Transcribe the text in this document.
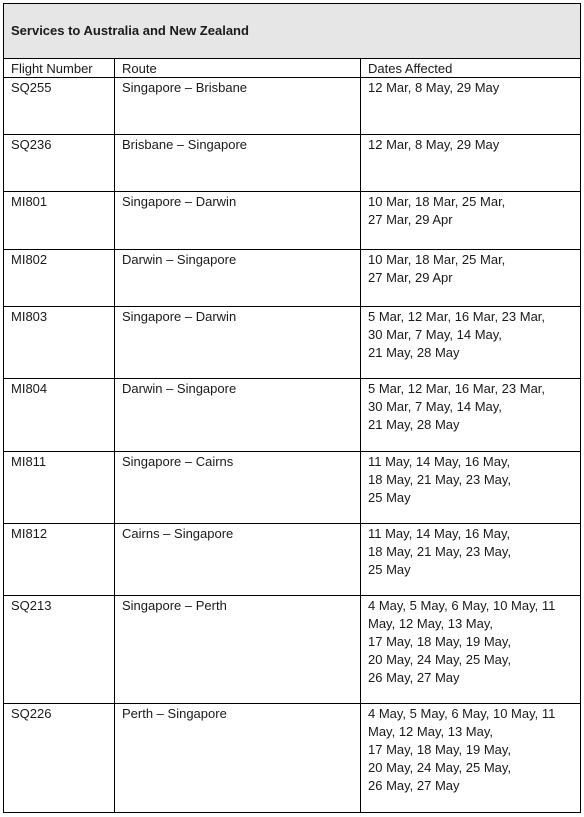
Services to Australia and New Zealand		
Flight Number	Route	Dates Affected
SQ255	Singapore – Brisbane	12 Mar, 8 May, 29 May

SQ236	Brisbane – Singapore	12 Mar, 8 May, 29 May

MI801	Singapore – Darwin	10 Mar, 18 Mar, 25 Mar,
27 Mar, 29 Apr

MI802	Darwin – Singapore	10 Mar, 18 Mar, 25 Mar,
27 Mar, 29 Apr

MI803	Singapore – Darwin	5 Mar, 12 Mar, 16 Mar, 23 Mar,
30 Mar, 7 May, 14 May,
21 May, 28 May

MI804	Darwin – Singapore	5 Mar, 12 Mar, 16 Mar, 23 Mar,
30 Mar, 7 May, 14 May,
21 May, 28 May

MI811	Singapore – Cairns	11 May, 14 May, 16 May,
18 May, 21 May, 23 May,
25 May

MI812	Cairns – Singapore	11 May, 14 May, 16 May,
18 May, 21 May, 23 May,
25 May

SQ213	Singapore – Perth	4 May, 5 May, 6 May, 10 May, 11
May, 12 May, 13 May,
17 May, 18 May, 19 May,
20 May, 24 May, 25 May,
26 May, 27 May

SQ226	Perth – Singapore	4 May, 5 May, 6 May, 10 May, 11
May, 12 May, 13 May,
17 May, 18 May, 19 May,
20 May, 24 May, 25 May,
26 May, 27 May
